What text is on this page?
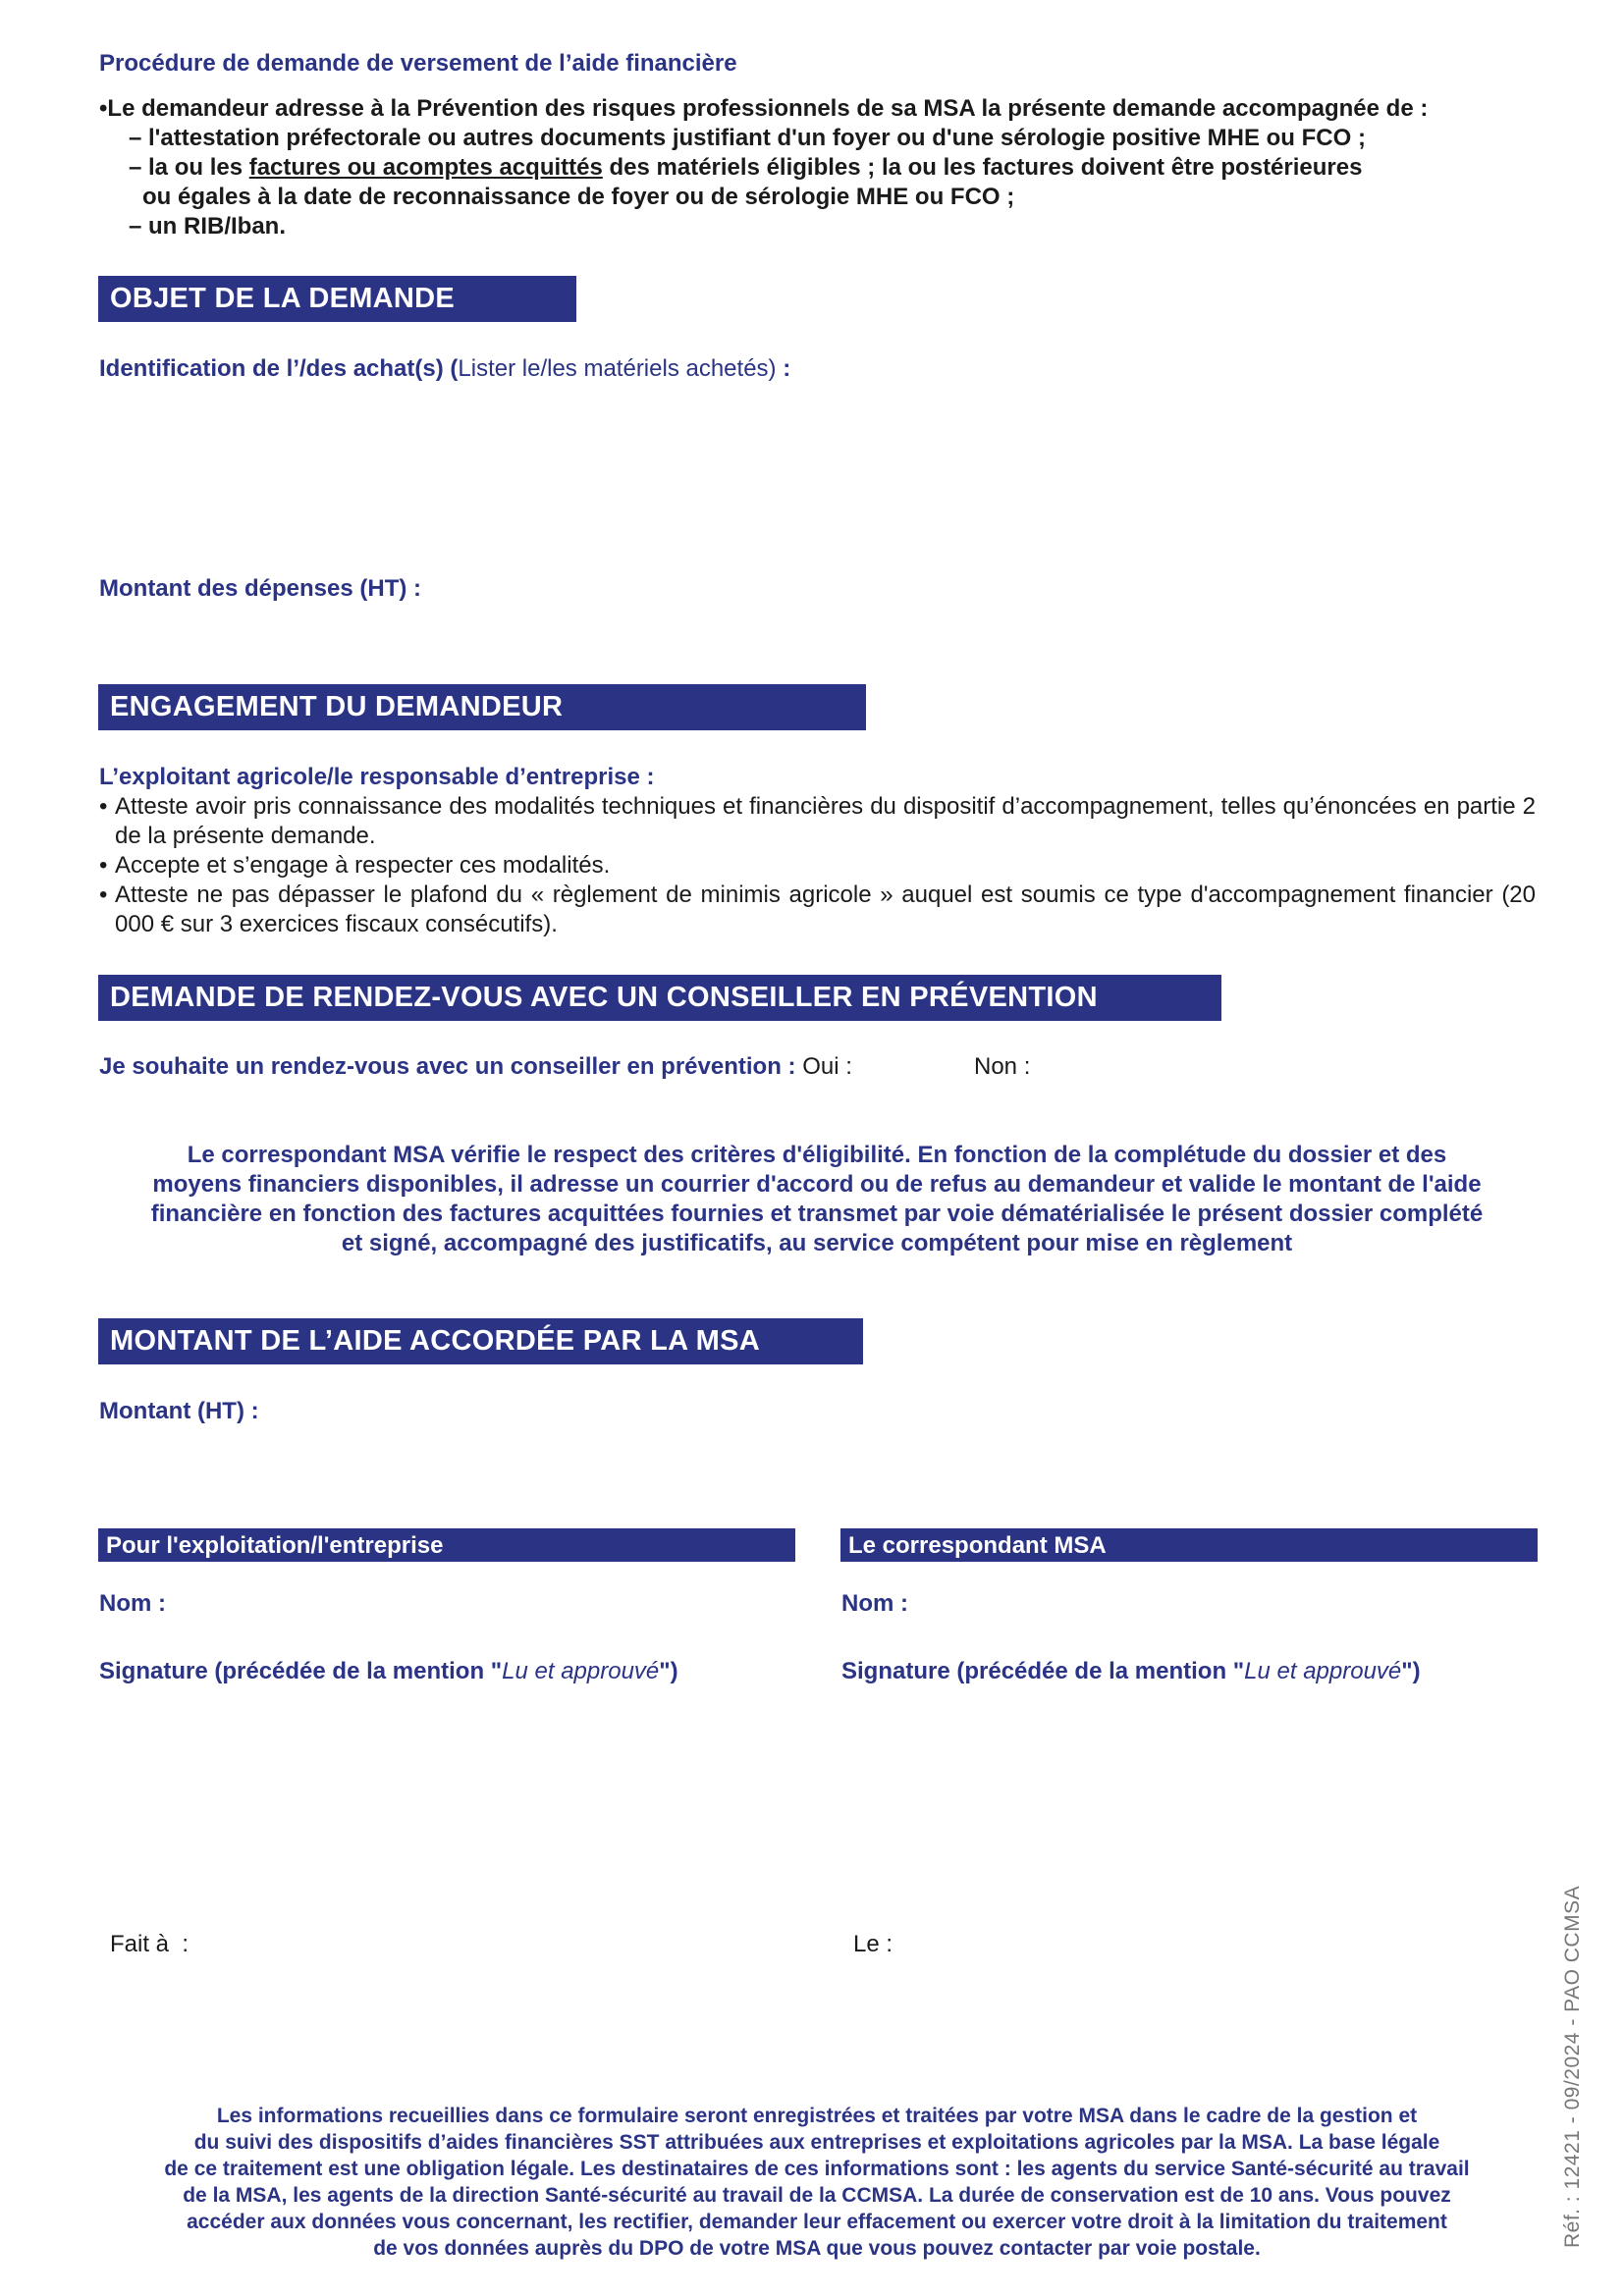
Procédure de demande de versement de l’aide financière
•Le demandeur adresse à la Prévention des risques professionnels de sa MSA la présente demande accompagnée de :
– l'attestation préfectorale ou autres documents justifiant d'un foyer ou d'une sérologie positive MHE ou FCO ;
– la ou les factures ou acomptes acquittés des matériels éligibles ; la ou les factures doivent être postérieures
ou égales à la date de reconnaissance de foyer ou de sérologie MHE ou FCO ;
– un RIB/Iban.
OBJET DE LA DEMANDE
Identification de l’/des achat(s) (Lister le/les matériels achetés) :
Montant des dépenses (HT) :
ENGAGEMENT DU DEMANDEUR
L’exploitant agricole/le responsable d’entreprise :
• Atteste avoir pris connaissance des modalités techniques et financières du dispositif d’accompagnement, telles qu’énoncées en partie 2 de la présente demande.
• Accepte et s’engage à respecter ces modalités.
• Atteste ne pas dépasser le plafond du « règlement de minimis agricole » auquel est soumis ce type d'accompagnement financier (20 000 € sur 3 exercices fiscaux consécutifs).
DEMANDE DE RENDEZ-VOUS AVEC UN CONSEILLER EN PRÉVENTION
Je souhaite un rendez-vous avec un conseiller en prévention : Oui :	Non :
Le correspondant MSA vérifie le respect des critères d'éligibilité. En fonction de la complétude du dossier et des
moyens financiers disponibles, il adresse un courrier d'accord ou de refus au demandeur et valide le montant de l'aide
financière en fonction des factures acquittées fournies et transmet par voie dématérialisée le présent dossier complété
et signé, accompagné des justificatifs, au service compétent pour mise en règlement
MONTANT DE L’AIDE ACCORDÉE PAR LA MSA
Montant (HT) :
Pour l'exploitation/l'entreprise	Le correspondant MSA
Nom :	Nom :
Signature (précédée de la mention "Lu et approuvé")	Signature (précédée de la mention "Lu et approuvé")
Fait à  :	Le :
Les informations recueillies dans ce formulaire seront enregistrées et traitées par votre MSA dans le cadre de la gestion et
du suivi des dispositifs d’aides financières SST attribuées aux entreprises et exploitations agricoles par la MSA. La base légale
de ce traitement est une obligation légale. Les destinataires de ces informations sont : les agents du service Santé-sécurité au travail
de la MSA, les agents de la direction Santé-sécurité au travail de la CCMSA. La durée de conservation est de 10 ans. Vous pouvez
accéder aux données vous concernant, les rectifier, demander leur effacement ou exercer votre droit à la limitation du traitement
de vos données auprès du DPO de votre MSA que vous pouvez contacter par voie postale.
Réf. : 12421 - 09/2024 - PAO CCMSA
